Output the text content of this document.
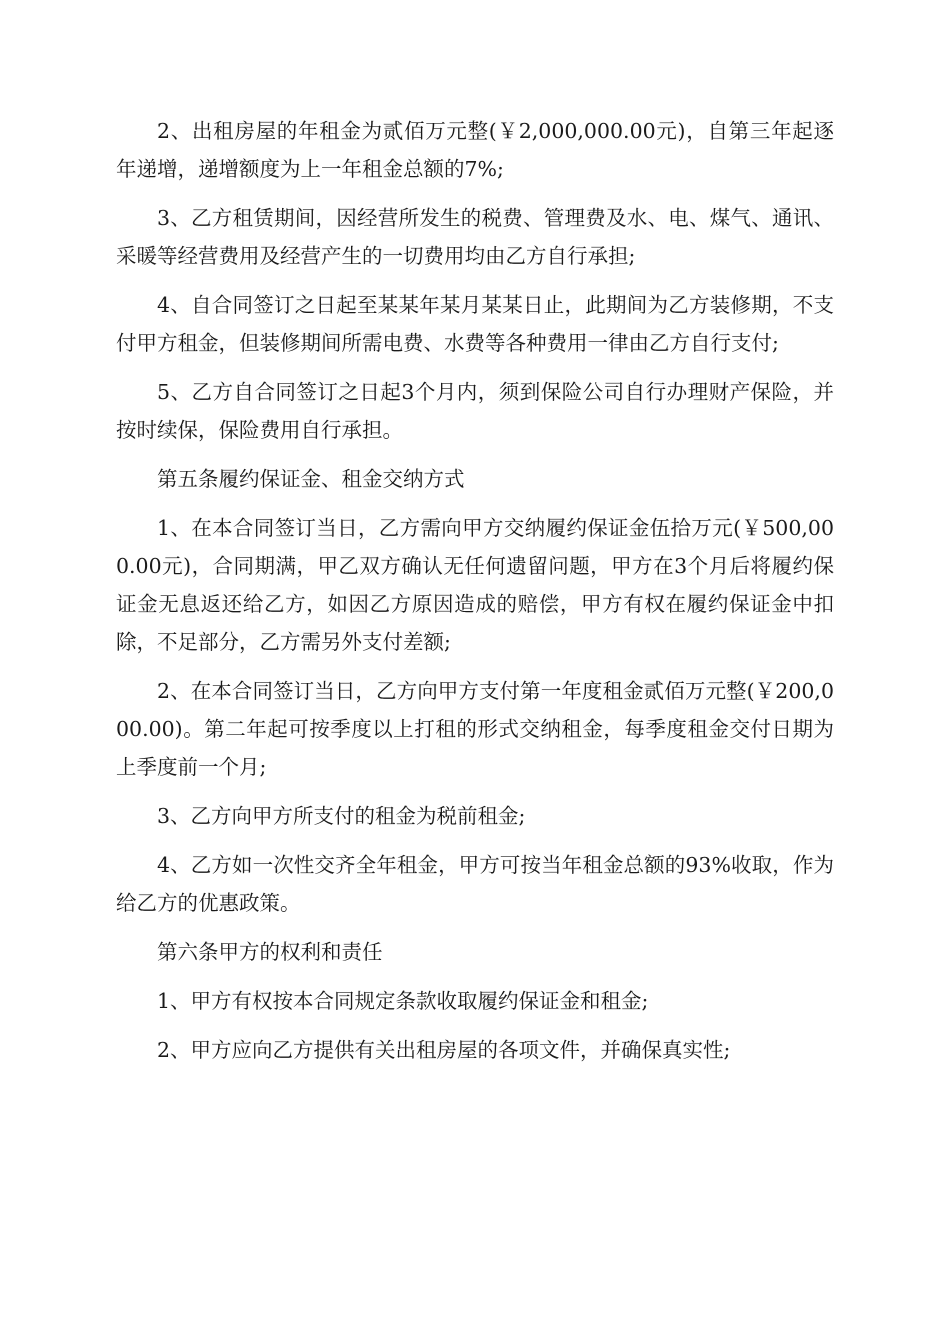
2、出租房屋的年租金为贰佰万元整(￥2,000,000.00元)，自第三年起逐年递增，递增额度为上一年租金总额的7%;

3、乙方租赁期间，因经营所发生的税费、管理费及水、电、煤气、通讯、采暖等经营费用及经营产生的一切费用均由乙方自行承担;

4、自合同签订之日起至某某年某月某某日止，此期间为乙方装修期，不支付甲方租金，但装修期间所需电费、水费等各种费用一律由乙方自行支付;

5、乙方自合同签订之日起3个月内，须到保险公司自行办理财产保险，并按时续保，保险费用自行承担。

第五条履约保证金、租金交纳方式

1、在本合同签订当日，乙方需向甲方交纳履约保证金伍拾万元(￥500,000.00元)，合同期满，甲乙双方确认无任何遗留问题，甲方在3个月后将履约保证金无息返还给乙方，如因乙方原因造成的赔偿，甲方有权在履约保证金中扣除，不足部分，乙方需另外支付差额;

2、在本合同签订当日，乙方向甲方支付第一年度租金贰佰万元整(￥200,000.00)。第二年起可按季度以上打租的形式交纳租金，每季度租金交付日期为上季度前一个月;

3、乙方向甲方所支付的租金为税前租金;

4、乙方如一次性交齐全年租金，甲方可按当年租金总额的93%收取，作为给乙方的优惠政策。

第六条甲方的权利和责任

1、甲方有权按本合同规定条款收取履约保证金和租金;

2、甲方应向乙方提供有关出租房屋的各项文件，并确保真实性;
